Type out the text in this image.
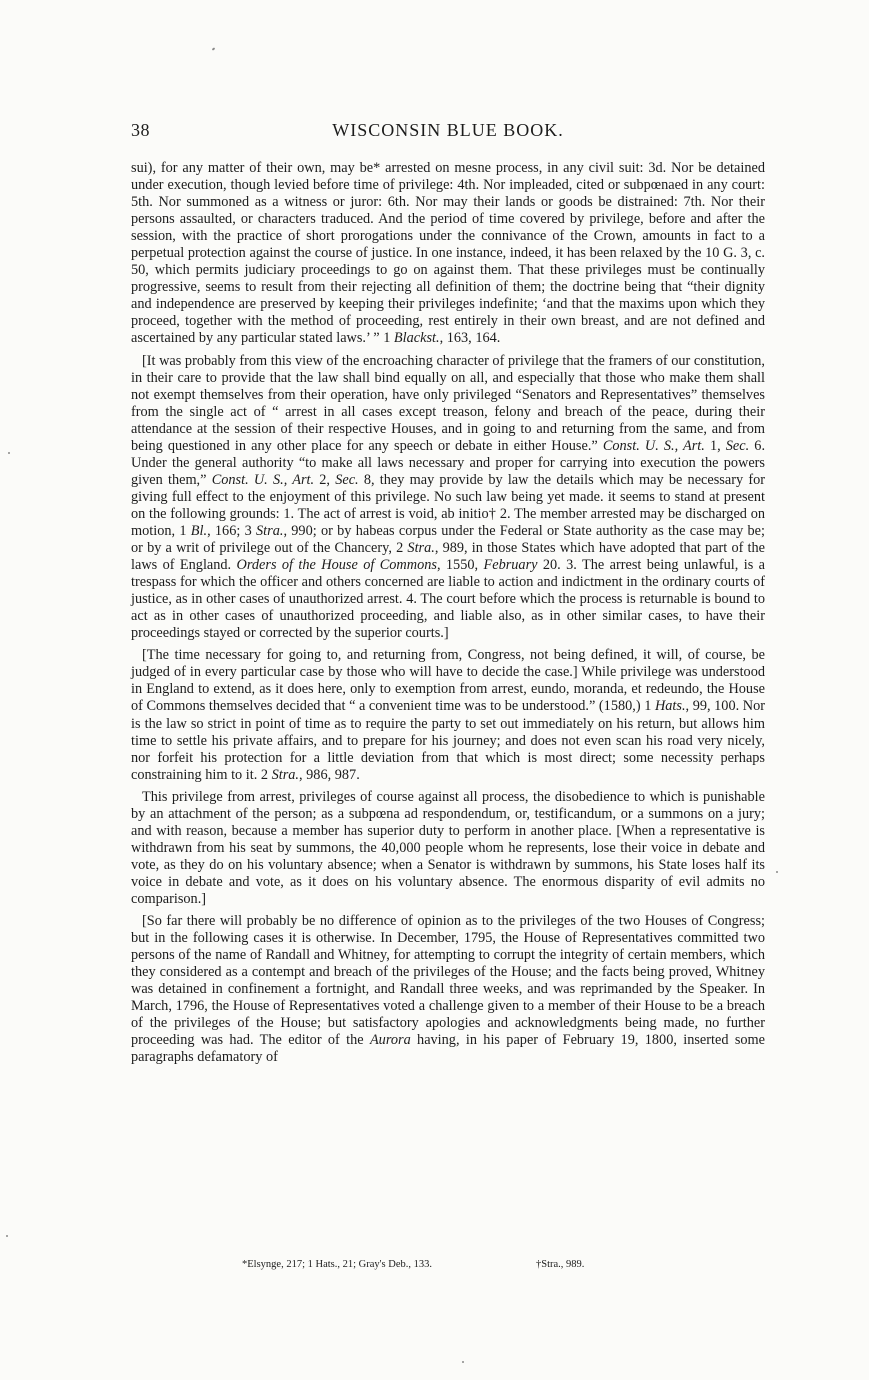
38	WISCONSIN BLUE BOOK.

sui), for any matter of their own, may be* arrested on mesne process, in any civil suit: 3d. Nor be detained under execution, though levied before time of privilege: 4th. Nor impleaded, cited or subpœnaed in any court: 5th. Nor summoned as a witness or juror: 6th. Nor may their lands or goods be distrained: 7th. Nor their persons assaulted, or characters traduced. And the period of time covered by privilege, before and after the session, with the practice of short prorogations under the connivance of the Crown, amounts in fact to a perpetual protection against the course of justice. In one instance, indeed, it has been relaxed by the 10 G. 3, c. 50, which permits judiciary proceedings to go on against them. That these privileges must be continually progressive, seems to result from their rejecting all definition of them; the doctrine being that “their dignity and independence are preserved by keeping their privileges indefinite; ‘and that the maxims upon which they proceed, together with the method of proceeding, rest entirely in their own breast, and are not defined and ascertained by any particular stated laws.’ ” 1 Blackst., 163, 164.

[It was probably from this view of the encroaching character of privilege that the framers of our constitution, in their care to provide that the law shall bind equally on all, and especially that those who make them shall not exempt themselves from their operation, have only privileged “Senators and Representatives” themselves from the single act of “ arrest in all cases except treason, felony and breach of the peace, during their attendance at the session of their respective Houses, and in going to and returning from the same, and from being questioned in any other place for any speech or debate in either House.” Const. U. S., Art. 1, Sec. 6. Under the general authority “to make all laws necessary and proper for carrying into execution the powers given them,” Const. U. S., Art. 2, Sec. 8, they may provide by law the details which may be necessary for giving full effect to the enjoyment of this privilege. No such law being yet made. it seems to stand at present on the following grounds: 1. The act of arrest is void, ab initio† 2. The member arrested may be discharged on motion, 1 Bl., 166; 3 Stra., 990; or by habeas corpus under the Federal or State authority as the case may be; or by a writ of privilege out of the Chancery, 2 Stra., 989, in those States which have adopted that part of the laws of England. Orders of the House of Commons, 1550, February 20. 3. The arrest being unlawful, is a trespass for which the officer and others concerned are liable to action and indictment in the ordinary courts of justice, as in other cases of unauthorized arrest. 4. The court before which the process is returnable is bound to act as in other cases of unauthorized proceeding, and liable also, as in other similar cases, to have their proceedings stayed or corrected by the superior courts.]

[The time necessary for going to, and returning from, Congress, not being defined, it will, of course, be judged of in every particular case by those who will have to decide the case.] While privilege was understood in England to extend, as it does here, only to exemption from arrest, eundo, moranda, et redeundo, the House of Commons themselves decided that “ a convenient time was to be understood.” (1580,) 1 Hats., 99, 100. Nor is the law so strict in point of time as to require the party to set out immediately on his return, but allows him time to settle his private affairs, and to prepare for his journey; and does not even scan his road very nicely, nor forfeit his protection for a little deviation from that which is most direct; some necessity perhaps constraining him to it. 2 Stra., 986, 987.

This privilege from arrest, privileges of course against all process, the disobedience to which is punishable by an attachment of the person; as a subpœna ad respondendum, or, testificandum, or a summons on a jury; and with reason, because a member has superior duty to perform in another place. [When a representative is withdrawn from his seat by summons, the 40,000 people whom he represents, lose their voice in debate and vote, as they do on his voluntary absence; when a Senator is withdrawn by summons, his State loses half its voice in debate and vote, as it does on his voluntary absence. The enormous disparity of evil admits no comparison.]

[So far there will probably be no difference of opinion as to the privileges of the two Houses of Congress; but in the following cases it is otherwise. In December, 1795, the House of Representatives committed two persons of the name of Randall and Whitney, for attempting to corrupt the integrity of certain members, which they considered as a contempt and breach of the privileges of the House; and the facts being proved, Whitney was detained in confinement a fortnight, and Randall three weeks, and was reprimanded by the Speaker. In March, 1796, the House of Representatives voted a challenge given to a member of their House to be a breach of the privileges of the House; but satisfactory apologies and acknowledgments being made, no further proceeding was had. The editor of the Aurora having, in his paper of February 19, 1800, inserted some paragraphs defamatory of

*Elsynge, 217; 1 Hats., 21; Gray's Deb., 133.	†Stra., 989.
